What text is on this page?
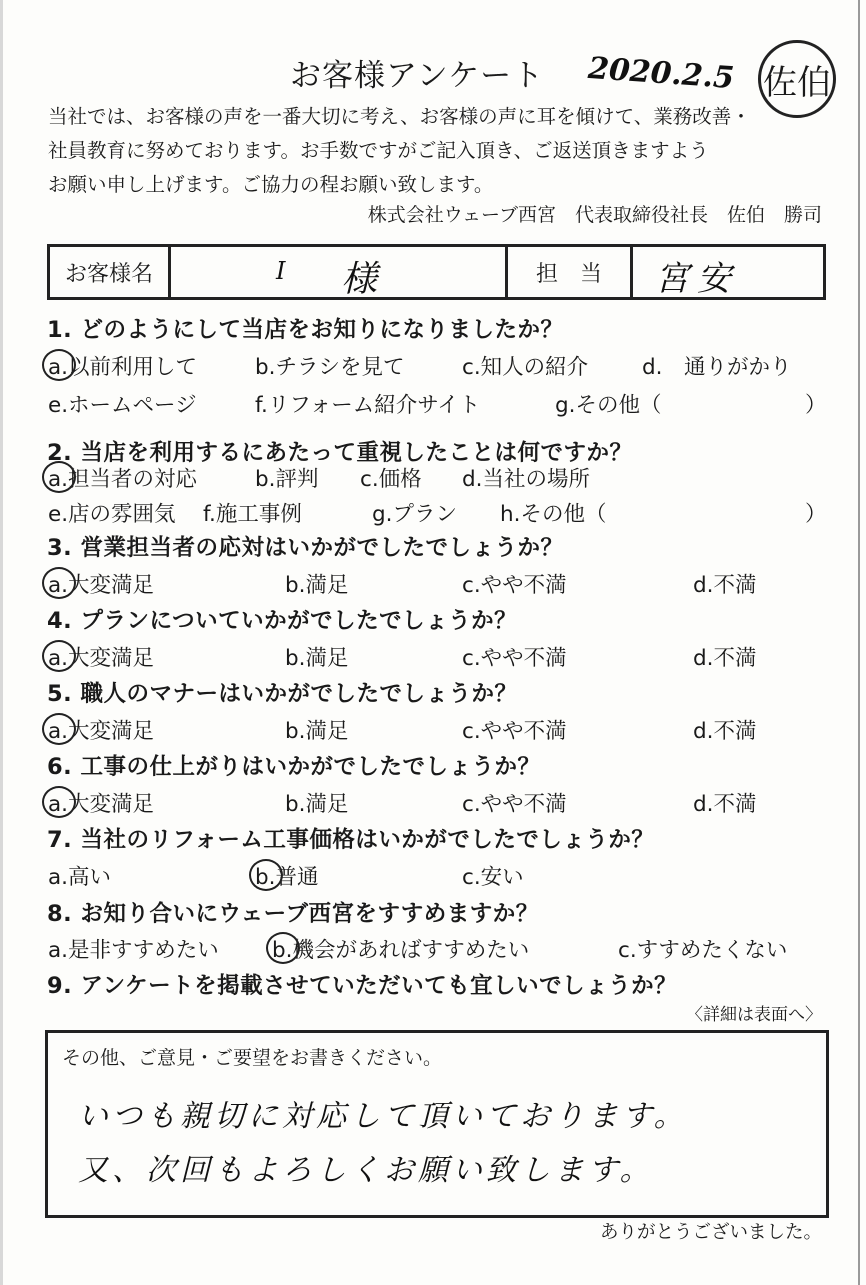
お客様アンケート 2020.2.5 佐伯
当社では、お客様の声を一番大切に考え、お客様の声に耳を傾けて、業務改善・
社員教育に努めております。お手数ですがご記入頂き、ご返送頂きますよう
お願い申し上げます。ご協力の程お願い致します。
株式会社ウェーブ西宮　代表取締役社長　佐伯　勝司
お客様名	I 様	担　当	宮安
1. どのようにして当店をお知りになりましたか？
a.以前利用して	b.チラシを見て	c.知人の紹介	d.　通りがかり
e.ホームページ	f.リフォーム紹介サイト	g.その他（	）
2. 当店を利用するにあたって重視したことは何ですか？
a.担当者の対応	b.評判 c.価格 d.当社の場所
e.店の雰囲気 f.施工事例	g.プラン h.その他（	）
3. 営業担当者の応対はいかがでしたでしょうか？
a.大変満足	b.満足	c.やや不満	d.不満
4. プランについていかがでしたでしょうか？
a.大変満足	b.満足	c.やや不満	d.不満
5. 職人のマナーはいかがでしたでしょうか？
a.大変満足	b.満足	c.やや不満	d.不満
6. 工事の仕上がりはいかがでしたでしょうか？
a.大変満足	b.満足	c.やや不満	d.不満
7. 当社のリフォーム工事価格はいかがでしたでしょうか？
a.高い	b.普通	c.安い
8. お知り合いにウェーブ西宮をすすめますか？
a.是非すすめたい b.機会があればすすめたい	c.すすめたくない
9. アンケートを掲載させていただいても宜しいでしょうか？
〈詳細は表面へ〉
その他、ご意見・ご要望をお書きください。
いつも親切に対応して頂いております。
又、次回もよろしくお願い致します。
ありがとうございました。
